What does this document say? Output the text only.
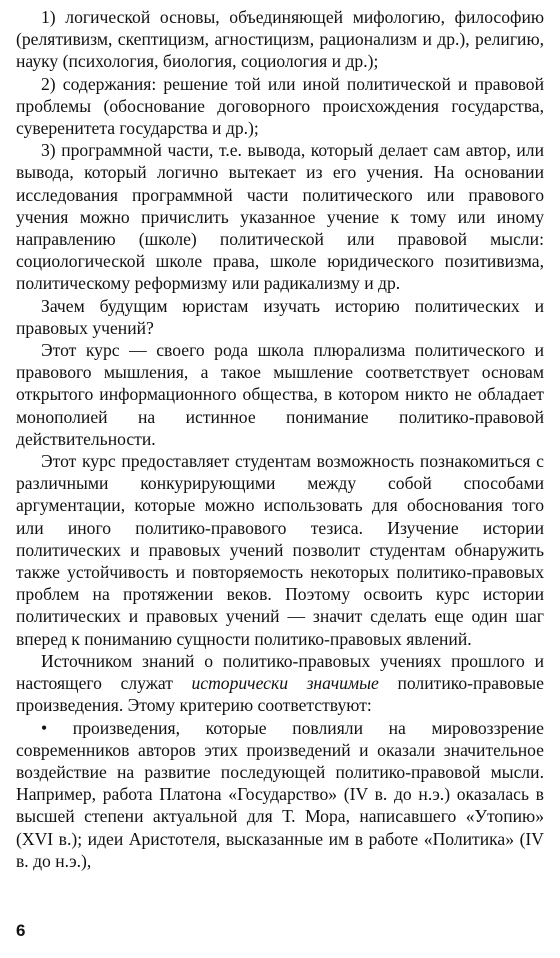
1) логической основы, объединяющей мифологию, философию (релятивизм, скептицизм, агностицизм, рационализм и др.), религию, науку (психология, биология, социология и др.);

2) содержания: решение той или иной политической и правовой проблемы (обоснование договорного происхождения государства, суверенитета государства и др.);

3) программной части, т.е. вывода, который делает сам автор, или вывода, который логично вытекает из его учения. На основании исследования программной части политического или правового учения можно причислить указанное учение к тому или иному направлению (школе) политической или правовой мысли: социологической школе права, школе юридического позитивизма, политическому реформизму или радикализму и др.

Зачем будущим юристам изучать историю политических и правовых учений?

Этот курс — своего рода школа плюрализма политического и правового мышления, а такое мышление соответствует основам открытого информационного общества, в котором никто не обладает монополией на истинное понимание политико-правовой действительности.

Этот курс предоставляет студентам возможность познакомиться с различными конкурирующими между собой способами аргументации, которые можно использовать для обоснования того или иного политико-правового тезиса. Изучение истории политических и правовых учений позволит студентам обнаружить также устойчивость и повторяемость некоторых политико-правовых проблем на протяжении веков. Поэтому освоить курс истории политических и правовых учений — значит сделать еще один шаг вперед к пониманию сущности политико-правовых явлений.

Источником знаний о политико-правовых учениях прошлого и настоящего служат исторически значимые политико-правовые произведения. Этому критерию соответствуют:

• произведения, которые повлияли на мировоззрение современников авторов этих произведений и оказали значительное воздействие на развитие последующей политико-правовой мысли. Например, работа Платона «Государство» (IV в. до н.э.) оказалась в высшей степени актуальной для Т. Мора, написавшего «Утопию» (XVI в.); идеи Аристотеля, высказанные им в работе «Политика» (IV в. до н.э.),

6
